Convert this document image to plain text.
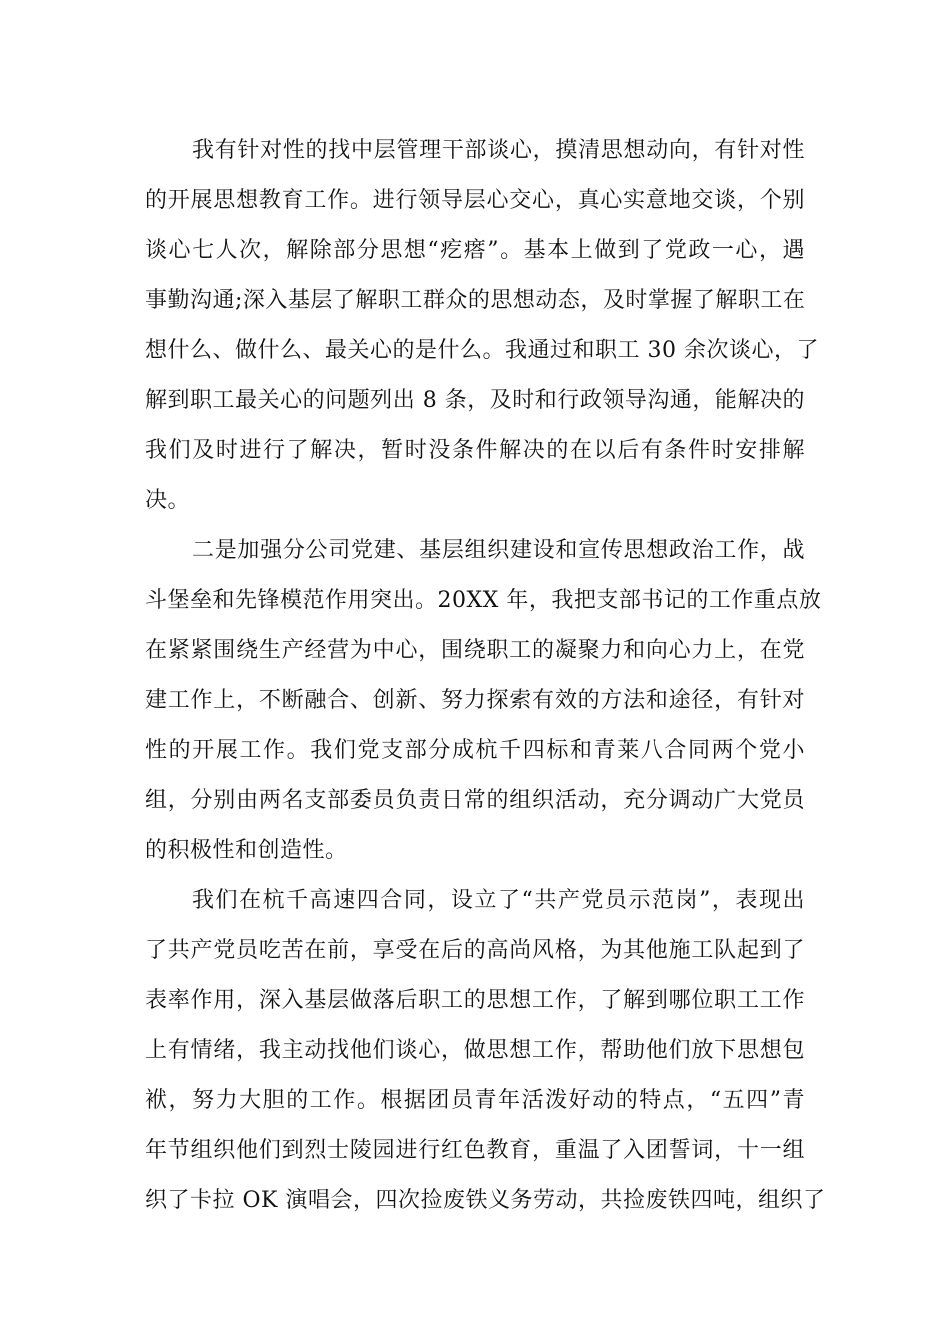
我有针对性的找中层管理干部谈心，摸清思想动向，有针对性
的开展思想教育工作。进行领导层心交心，真心实意地交谈，个别
谈心七人次，解除部分思想“疙瘩”。基本上做到了党政一心，遇
事勤沟通;深入基层了解职工群众的思想动态，及时掌握了解职工在
想什么、做什么、最关心的是什么。我通过和职工 30 余次谈心，了
解到职工最关心的问题列出 8 条，及时和行政领导沟通，能解决的
我们及时进行了解决，暂时没条件解决的在以后有条件时安排解
决。
二是加强分公司党建、基层组织建设和宣传思想政治工作，战
斗堡垒和先锋模范作用突出。20XX 年，我把支部书记的工作重点放
在紧紧围绕生产经营为中心，围绕职工的凝聚力和向心力上，在党
建工作上，不断融合、创新、努力探索有效的方法和途径，有针对
性的开展工作。我们党支部分成杭千四标和青莱八合同两个党小
组，分别由两名支部委员负责日常的组织活动，充分调动广大党员
的积极性和创造性。
我们在杭千高速四合同，设立了“共产党员示范岗”，表现出
了共产党员吃苦在前，享受在后的高尚风格，为其他施工队起到了
表率作用，深入基层做落后职工的思想工作，了解到哪位职工工作
上有情绪，我主动找他们谈心，做思想工作，帮助他们放下思想包
袱，努力大胆的工作。根据团员青年活泼好动的特点，“五四”青
年节组织他们到烈士陵园进行红色教育，重温了入团誓词，十一组
织了卡拉 OK 演唱会，四次捡废铁义务劳动，共捡废铁四吨，组织了
